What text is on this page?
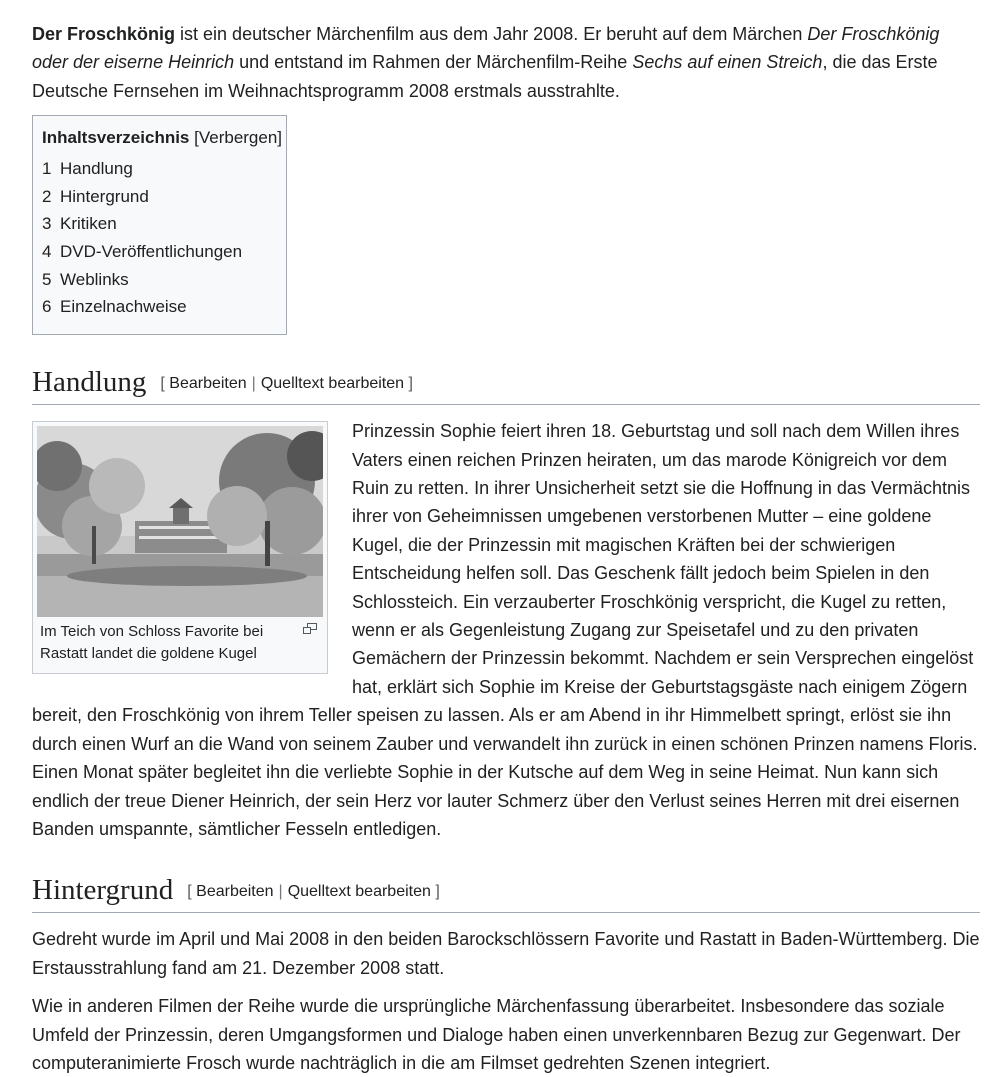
Der Froschkönig ist ein deutscher Märchenfilm aus dem Jahr 2008. Er beruht auf dem Märchen Der Froschkönig oder der eiserne Heinrich und entstand im Rahmen der Märchenfilm-Reihe Sechs auf einen Streich, die das Erste Deutsche Fernsehen im Weihnachtsprogramm 2008 erstmals ausstrahlte.

Inhaltsverzeichnis [Verbergen]
1 Handlung
2 Hintergrund
3 Kritiken
4 DVD-Veröffentlichungen
5 Weblinks
6 Einzelnachweise
Handlung [ Bearbeiten | Quelltext bearbeiten ]
Im Teich von Schloss Favorite bei Rastatt landet die goldene Kugel

Prinzessin Sophie feiert ihren 18. Geburtstag und soll nach dem Willen ihres Vaters einen reichen Prinzen heiraten, um das marode Königreich vor dem Ruin zu retten. In ihrer Unsicherheit setzt sie die Hoffnung in das Vermächtnis ihrer von Geheimnissen umgebenen verstorbenen Mutter – eine goldene Kugel, die der Prinzessin mit magischen Kräften bei der schwierigen Entscheidung helfen soll. Das Geschenk fällt jedoch beim Spielen in den Schlossteich. Ein verzauberter Froschkönig verspricht, die Kugel zu retten, wenn er als Gegenleistung Zugang zur Speisetafel und zu den privaten Gemächern der Prinzessin bekommt. Nachdem er sein Versprechen eingelöst hat, erklärt sich Sophie im Kreise der Geburtstagsgäste nach einigem Zögern bereit, den Froschkönig von ihrem Teller speisen zu lassen. Als er am Abend in ihr Himmelbett springt, erlöst sie ihn durch einen Wurf an die Wand von seinem Zauber und verwandelt ihn zurück in einen schönen Prinzen namens Floris. Einen Monat später begleitet ihn die verliebte Sophie in der Kutsche auf dem Weg in seine Heimat. Nun kann sich endlich der treue Diener Heinrich, der sein Herz vor lauter Schmerz über den Verlust seines Herren mit drei eisernen Banden umspannte, sämtlicher Fesseln entledigen.

Hintergrund [ Bearbeiten | Quelltext bearbeiten ]

Gedreht wurde im April und Mai 2008 in den beiden Barockschlössern Favorite und Rastatt in Baden-Württemberg. Die Erstausstrahlung fand am 21. Dezember 2008 statt.

Wie in anderen Filmen der Reihe wurde die ursprüngliche Märchenfassung überarbeitet. Insbesondere das soziale Umfeld der Prinzessin, deren Umgangsformen und Dialoge haben einen unverkennbaren Bezug zur Gegenwart. Der computeranimierte Frosch wurde nachträglich in die am Filmset gedrehten Szenen integriert.
